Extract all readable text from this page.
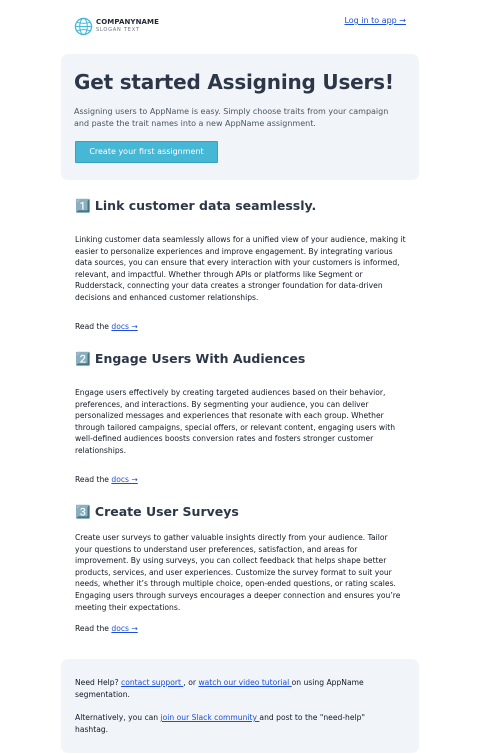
COMPANYNAME
SLOGAN TEXT
Log in to app →
Get started Assigning Users!
Assigning users to AppName is easy. Simply choose traits from your campaign and paste the trait names into a new AppName assignment.
Create your first assignment
1️⃣ Link customer data seamlessly.
Linking customer data seamlessly allows for a unified view of your audience, making it easier to personalize experiences and improve engagement. By integrating various data sources, you can ensure that every interaction with your customers is informed, relevant, and impactful. Whether through APIs or platforms like Segment or Rudderstack, connecting your data creates a stronger foundation for data-driven decisions and enhanced customer relationships.
Read the docs →
2️⃣ Engage Users With Audiences
Engage users effectively by creating targeted audiences based on their behavior, preferences, and interactions. By segmenting your audience, you can deliver personalized messages and experiences that resonate with each group. Whether through tailored campaigns, special offers, or relevant content, engaging users with well-defined audiences boosts conversion rates and fosters stronger customer relationships.
Read the docs →
3️⃣ Create User Surveys
Create user surveys to gather valuable insights directly from your audience. Tailor your questions to understand user preferences, satisfaction, and areas for improvement. By using surveys, you can collect feedback that helps shape better products, services, and user experiences. Customize the survey format to suit your needs, whether it’s through multiple choice, open-ended questions, or rating scales. Engaging users through surveys encourages a deeper connection and ensures you’re meeting their expectations.
Read the docs →
Need Help? contact support , or watch our video tutorial on using AppName segmentation.
Alternatively, you can join our Slack community and post to the "need-help" hashtag.
